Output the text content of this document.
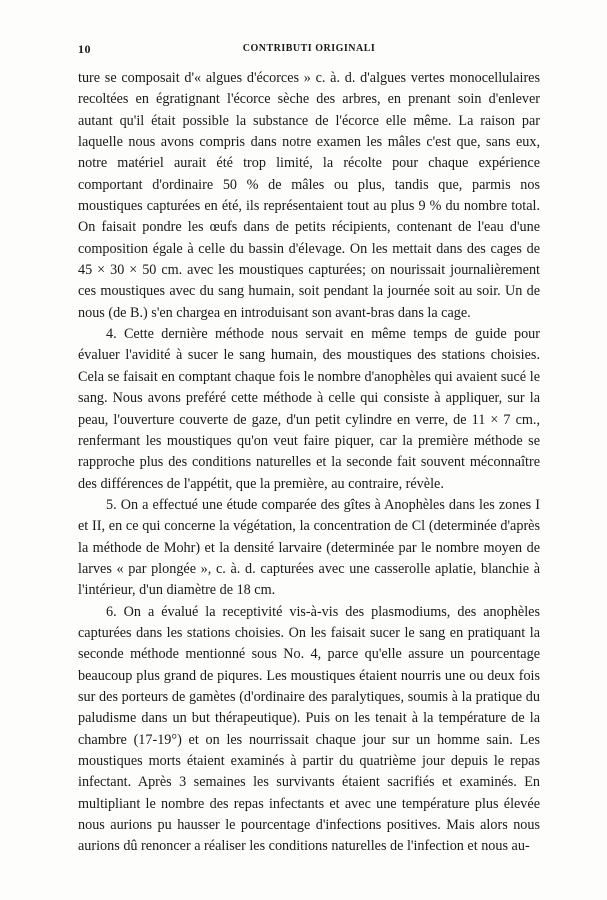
10	CONTRIBUTI ORIGINALI

ture se composait d'« algues d'écorces » c. à. d. d'algues vertes monocellulaires recoltées en égratignant l'écorce sèche des arbres, en prenant soin d'enlever autant qu'il était possible la substance de l'écorce elle même. La raison par laquelle nous avons compris dans notre examen les mâles c'est que, sans eux, notre matériel aurait été trop limité, la récolte pour chaque expérience comportant d'ordinaire 50 % de mâles ou plus, tandis que, parmis nos moustiques capturées en été, ils représentaient tout au plus 9 % du nombre total. On faisait pondre les œufs dans de petits récipients, contenant de l'eau d'une composition égale à celle du bassin d'élevage. On les mettait dans des cages de 45 × 30 × 50 cm. avec les moustiques capturées; on nourissait journalièrement ces moustiques avec du sang humain, soit pendant la journée soit au soir. Un de nous (de B.) s'en chargea en introduisant son avant-bras dans la cage.

4. Cette dernière méthode nous servait en même temps de guide pour évaluer l'avidité à sucer le sang humain, des moustiques des stations choisies. Cela se faisait en comptant chaque fois le nombre d'anophèles qui avaient sucé le sang. Nous avons preféré cette méthode à celle qui consiste à appliquer, sur la peau, l'ouverture couverte de gaze, d'un petit cylindre en verre, de 11 × 7 cm., renfermant les moustiques qu'on veut faire piquer, car la première méthode se rapproche plus des conditions naturelles et la seconde fait souvent méconnaître des différences de l'appétit, que la première, au contraire, révèle.

5. On a effectué une étude comparée des gîtes à Anophèles dans les zones I et II, en ce qui concerne la végétation, la concentration de Cl (determinée d'après la méthode de Mohr) et la densité larvaire (determinée par le nombre moyen de larves « par plongée », c. à. d. capturées avec une casserolle aplatie, blanchie à l'intérieur, d'un diamètre de 18 cm.

6. On a évalué la receptivité vis-à-vis des plasmodiums, des anophèles capturées dans les stations choisies. On les faisait sucer le sang en pratiquant la seconde méthode mentionné sous No. 4, parce qu'elle assure un pourcentage beaucoup plus grand de piqures. Les moustiques étaient nourris une ou deux fois sur des porteurs de gamètes (d'ordinaire des paralytiques, soumis à la pratique du paludisme dans un but thérapeutique). Puis on les tenait à la température de la chambre (17-19°) et on les nourrissait chaque jour sur un homme sain. Les moustiques morts étaient examinés à partir du quatrième jour depuis le repas infectant. Après 3 semaines les survivants étaient sacrifiés et examinés. En multipliant le nombre des repas infectants et avec une température plus élevée nous aurions pu hausser le pourcentage d'infections positives. Mais alors nous aurions dû renoncer a réaliser les conditions naturelles de l'infection et nous au-
